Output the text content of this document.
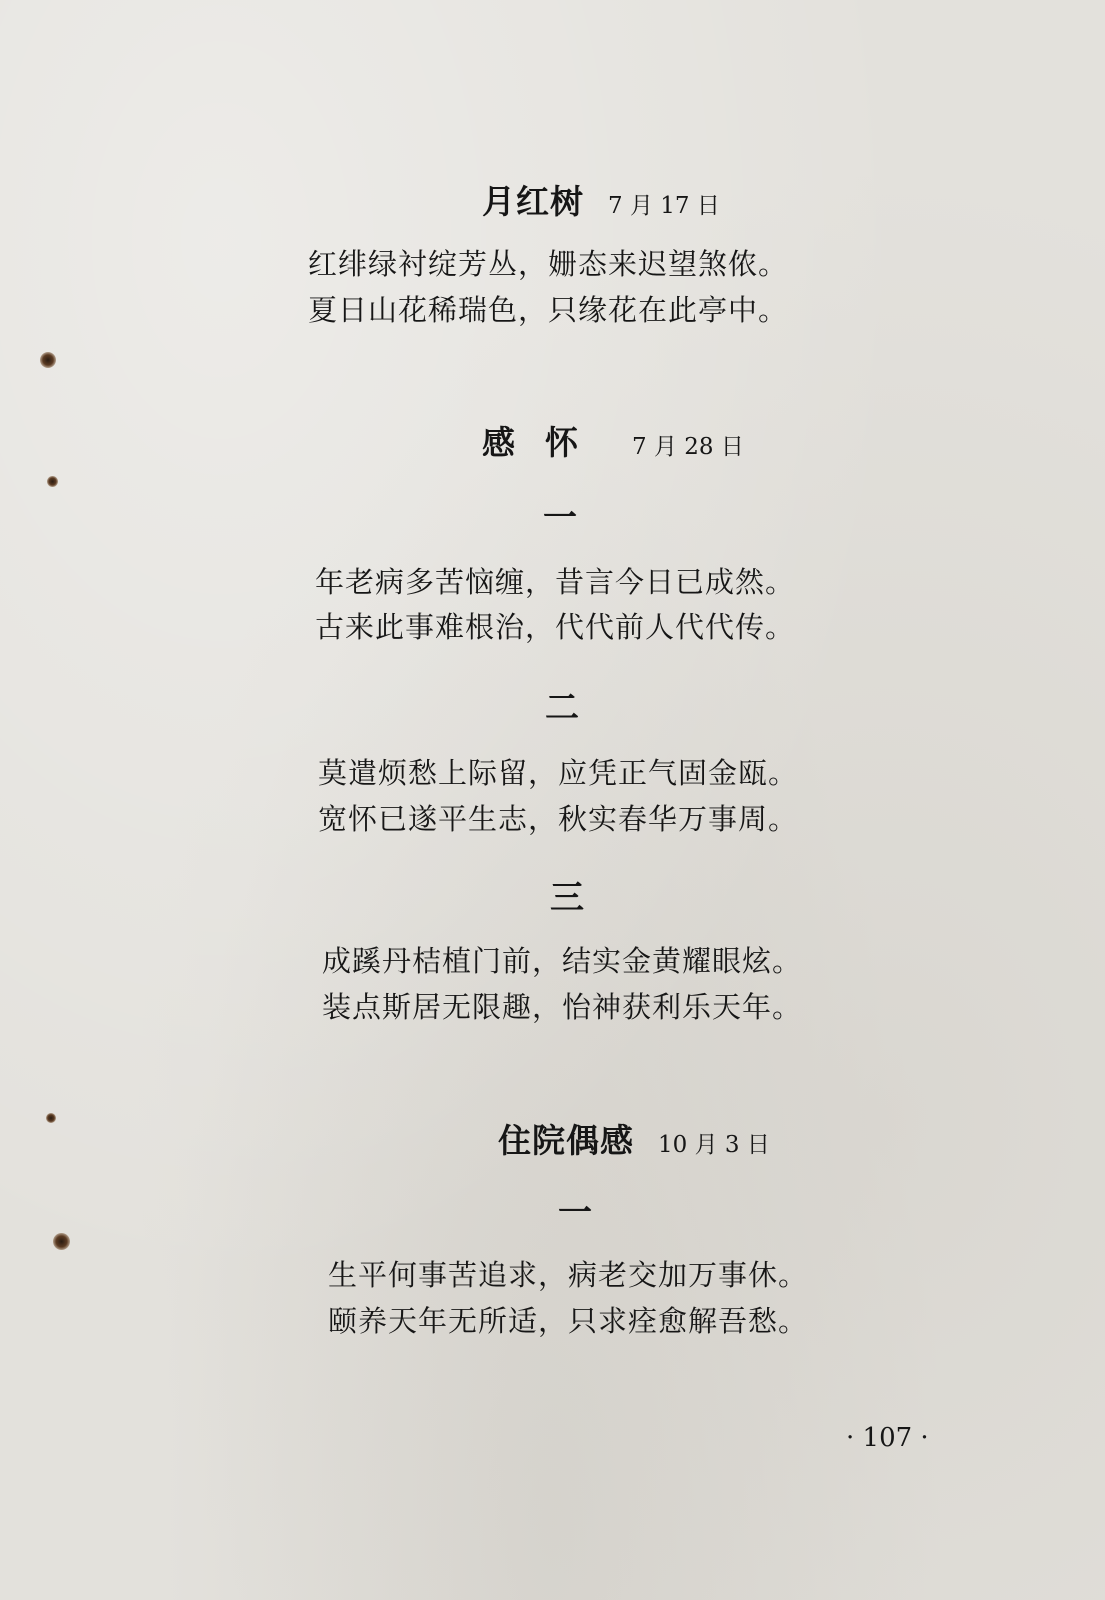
月红树 7 月 17 日
红绯绿衬绽芳丛，姗态来迟望煞侬。
夏日山花稀瑞色，只缘花在此亭中。
感怀 7 月 28 日
一
年老病多苦恼缠，昔言今日已成然。
古来此事难根治，代代前人代代传。
二
莫遣烦愁上际留，应凭正气固金瓯。
宽怀已遂平生志，秋实春华万事周。
三
成蹊丹桔植门前，结实金黄耀眼炫。
装点斯居无限趣，怡神获利乐天年。
住院偶感 10 月 3 日
一
生平何事苦追求，病老交加万事休。
颐养天年无所适，只求痊愈解吾愁。
· 107 ·
